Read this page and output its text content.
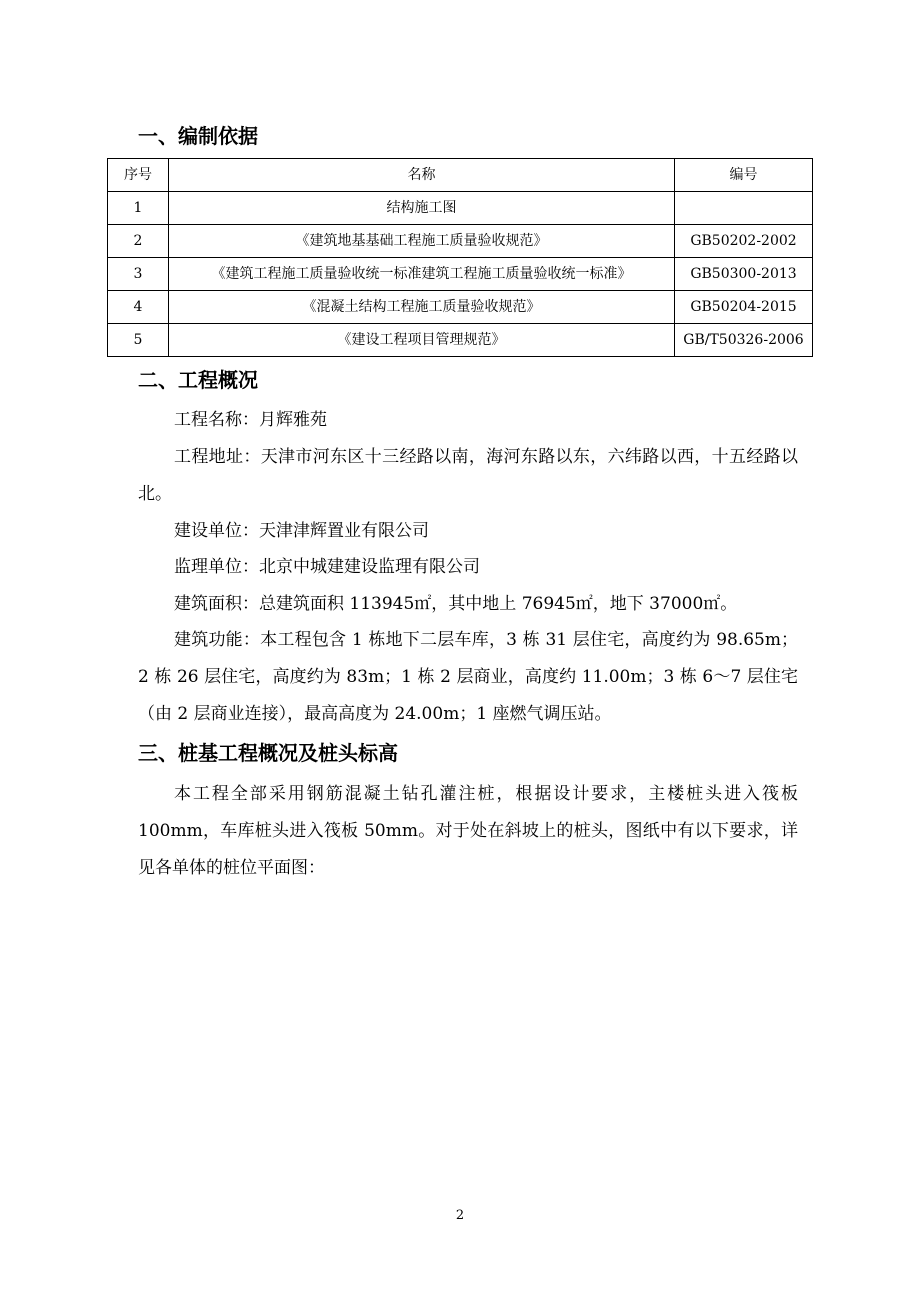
一、编制依据
序号	名称	编号
1	结构施工图	
2	《建筑地基基础工程施工质量验收规范》	GB50202-2002
3	《建筑工程施工质量验收统一标准建筑工程施工质量验收统一标准》	GB50300-2013
4	《混凝土结构工程施工质量验收规范》	GB50204-2015
5	《建设工程项目管理规范》	GB/T50326-2006
二、工程概况
工程名称：月辉雅苑
工程地址：天津市河东区十三经路以南，海河东路以东，六纬路以西，十五经路以北。
建设单位：天津津辉置业有限公司
监理单位：北京中城建建设监理有限公司
建筑面积：总建筑面积 113945㎡，其中地上 76945㎡，地下 37000㎡。
建筑功能：本工程包含 1 栋地下二层车库，3 栋 31 层住宅，高度约为 98.65m；2 栋 26 层住宅，高度约为 83m；1 栋 2 层商业，高度约 11.00m；3 栋 6～7 层住宅（由 2 层商业连接），最高高度为 24.00m；1 座燃气调压站。
三、桩基工程概况及桩头标高
本工程全部采用钢筋混凝土钻孔灌注桩，根据设计要求，主楼桩头进入筏板 100mm，车库桩头进入筏板 50mm。对于处在斜坡上的桩头，图纸中有以下要求，详见各单体的桩位平面图：
2
